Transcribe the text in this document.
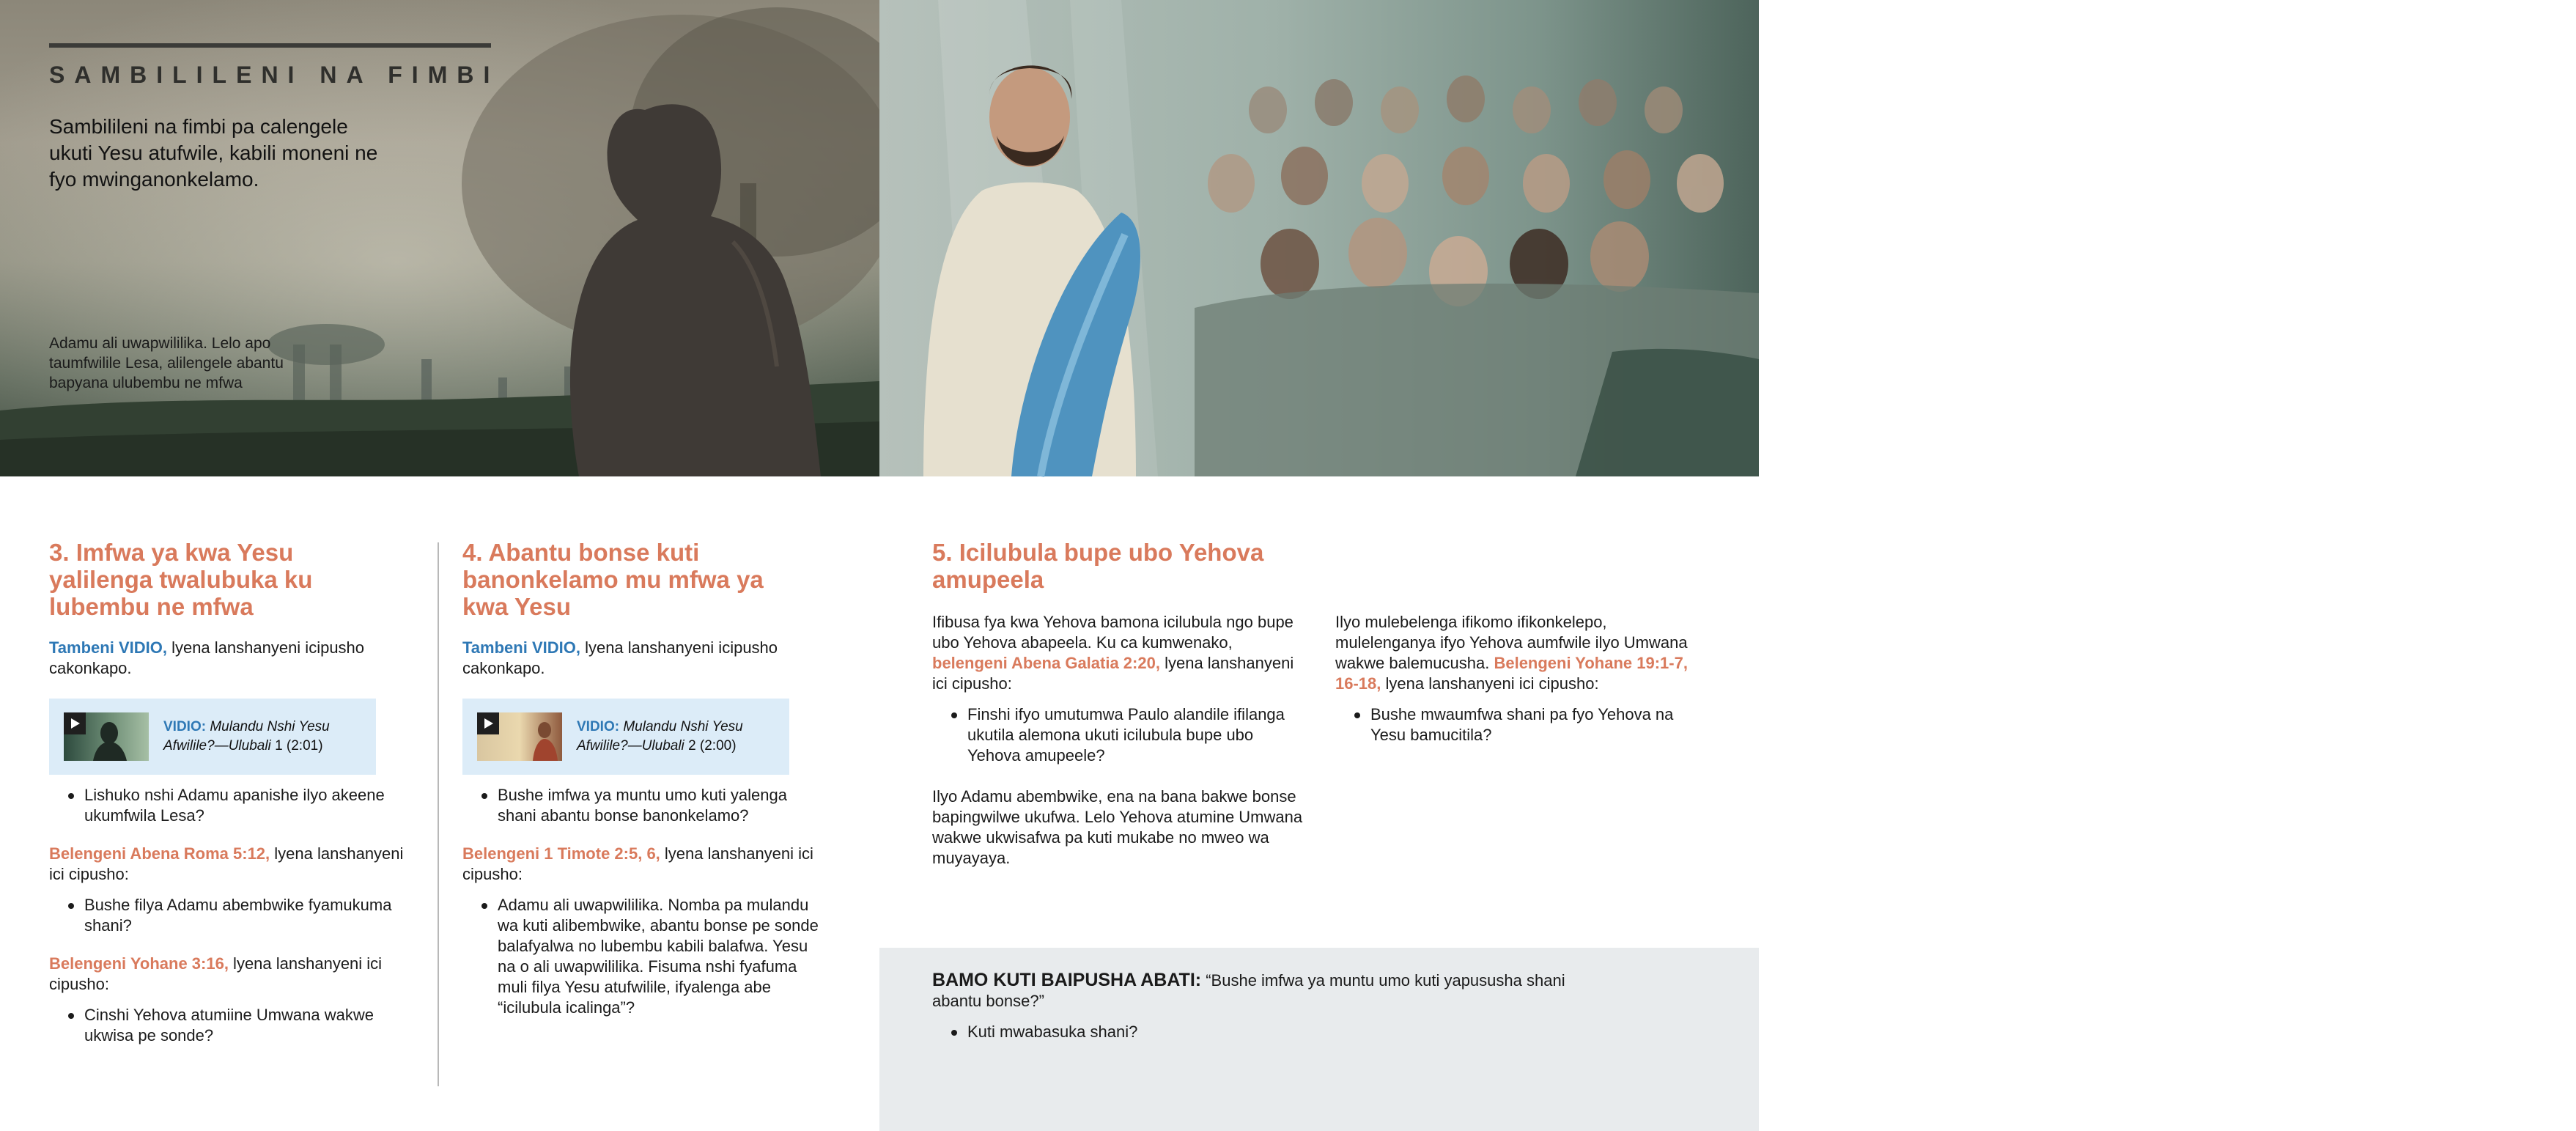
SAMBILILENI NA FIMBI
Sambilileni na fimbi pa calengele ukuti Yesu atufwile, kabili moneni ne fyo mwinganonkelamo.
Adamu ali uwapwililika. Lelo apo taumfwilile Lesa, alilengele abantu bapyana ulubembu ne mfwa
Yesu ali uwapwililika kabili aleumfwila Lesa. Ici cikalenga abantu bakabe abapwililika no kwisaikala umuyayaya
3. Imfwa ya kwa Yesu yalilenga twalubuka ku lubembu ne mfwa

Tambeni VIDIO, lyena lanshanyeni icipusho cakonkapo.

VIDIO: Mulandu Nshi Yesu Afwilile?—Ulubali 1 (2:01)
Lishuko nshi Adamu apanishe ilyo akeene ukumfwila Lesa?

Belengeni Abena Roma 5:12, lyena lanshanyeni ici cipusho:

Bushe filya Adamu abembwike fyamukuma shani?

Belengeni Yohane 3:16, lyena lanshanyeni ici cipusho:

Cinshi Yehova atumiine Umwana wakwe ukwisa pe sonde?
4. Abantu bonse kuti banonkelamo mu mfwa ya kwa Yesu

Tambeni VIDIO, lyena lanshanyeni icipusho cakonkapo.

VIDIO: Mulandu Nshi Yesu Afwilile?—Ulubali 2 (2:00)
Bushe imfwa ya muntu umo kuti yalenga shani abantu bonse banonkelamo?

Belengeni 1 Timote 2:5, 6, lyena lanshanyeni ici cipusho:

Adamu ali uwapwililika. Nomba pa mulandu wa kuti alibembwike, abantu bonse pe sonde balafyalwa no lubembu kabili balafwa. Yesu na o ali uwapwililika. Fisuma nshi fyafuma muli filya Yesu atufwilile, ifyalenga abe “icilubula icalinga”?
5. Icilubula bupe ubo Yehova amupeela

Ifibusa fya kwa Yehova bamona icilubula ngo bupe ubo Yehova abapeela. Ku ca kumwenako, belengeni Abena Galatia 2:20, lyena lanshanyeni ici cipusho:

Finshi ifyo umutumwa Paulo alandile ifilanga ukutila alemona ukuti icilubula bupe ubo Yehova amupeele?

Ilyo Adamu abembwike, ena na bana bakwe bonse bapingwilwe ukufwa. Lelo Yehova atumine Umwana wakwe ukwisafwa pa kuti mukabe no mweo wa muyayaya.

Ilyo mulebelenga ifikomo ifikonkelepo, mulelenganya ifyo Yehova aumfwile ilyo Umwana wakwe balemucusha. Belengeni Yohane 19:1-7, 16-18, lyena lanshanyeni ici cipusho:

Bushe mwaumfwa shani pa fyo Yehova na Yesu bamucitila?

BAMO KUTI BAIPUSHA ABATI: “Bushe imfwa ya muntu umo kuti yapususha shani abantu bonse?”

Kuti mwabasuka shani?
